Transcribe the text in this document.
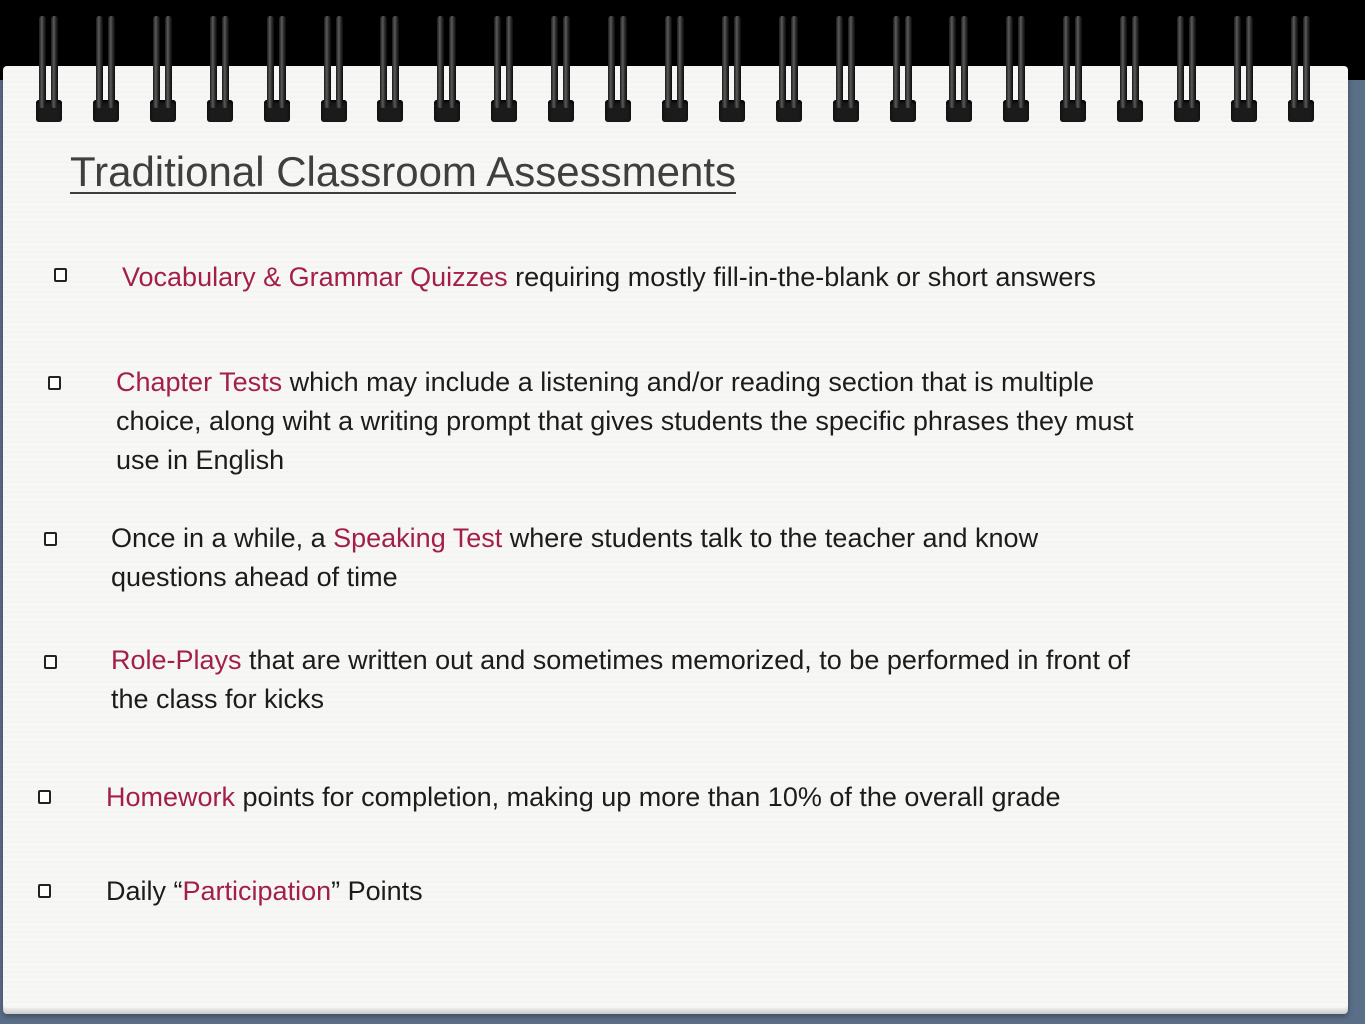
Traditional Classroom Assessments
Vocabulary & Grammar Quizzes requiring mostly fill-in-the-blank or short answers
Chapter Tests which may include a listening and/or reading section that is multiple
choice, along wiht a writing prompt that gives students the specific phrases they must
use in English
Once in a while, a Speaking Test where students talk to the teacher and know
questions ahead of time
Role-Plays that are written out and sometimes memorized, to be performed in front of
the class for kicks
Homework points for completion, making up more than 10% of the overall grade
Daily “Participation” Points
